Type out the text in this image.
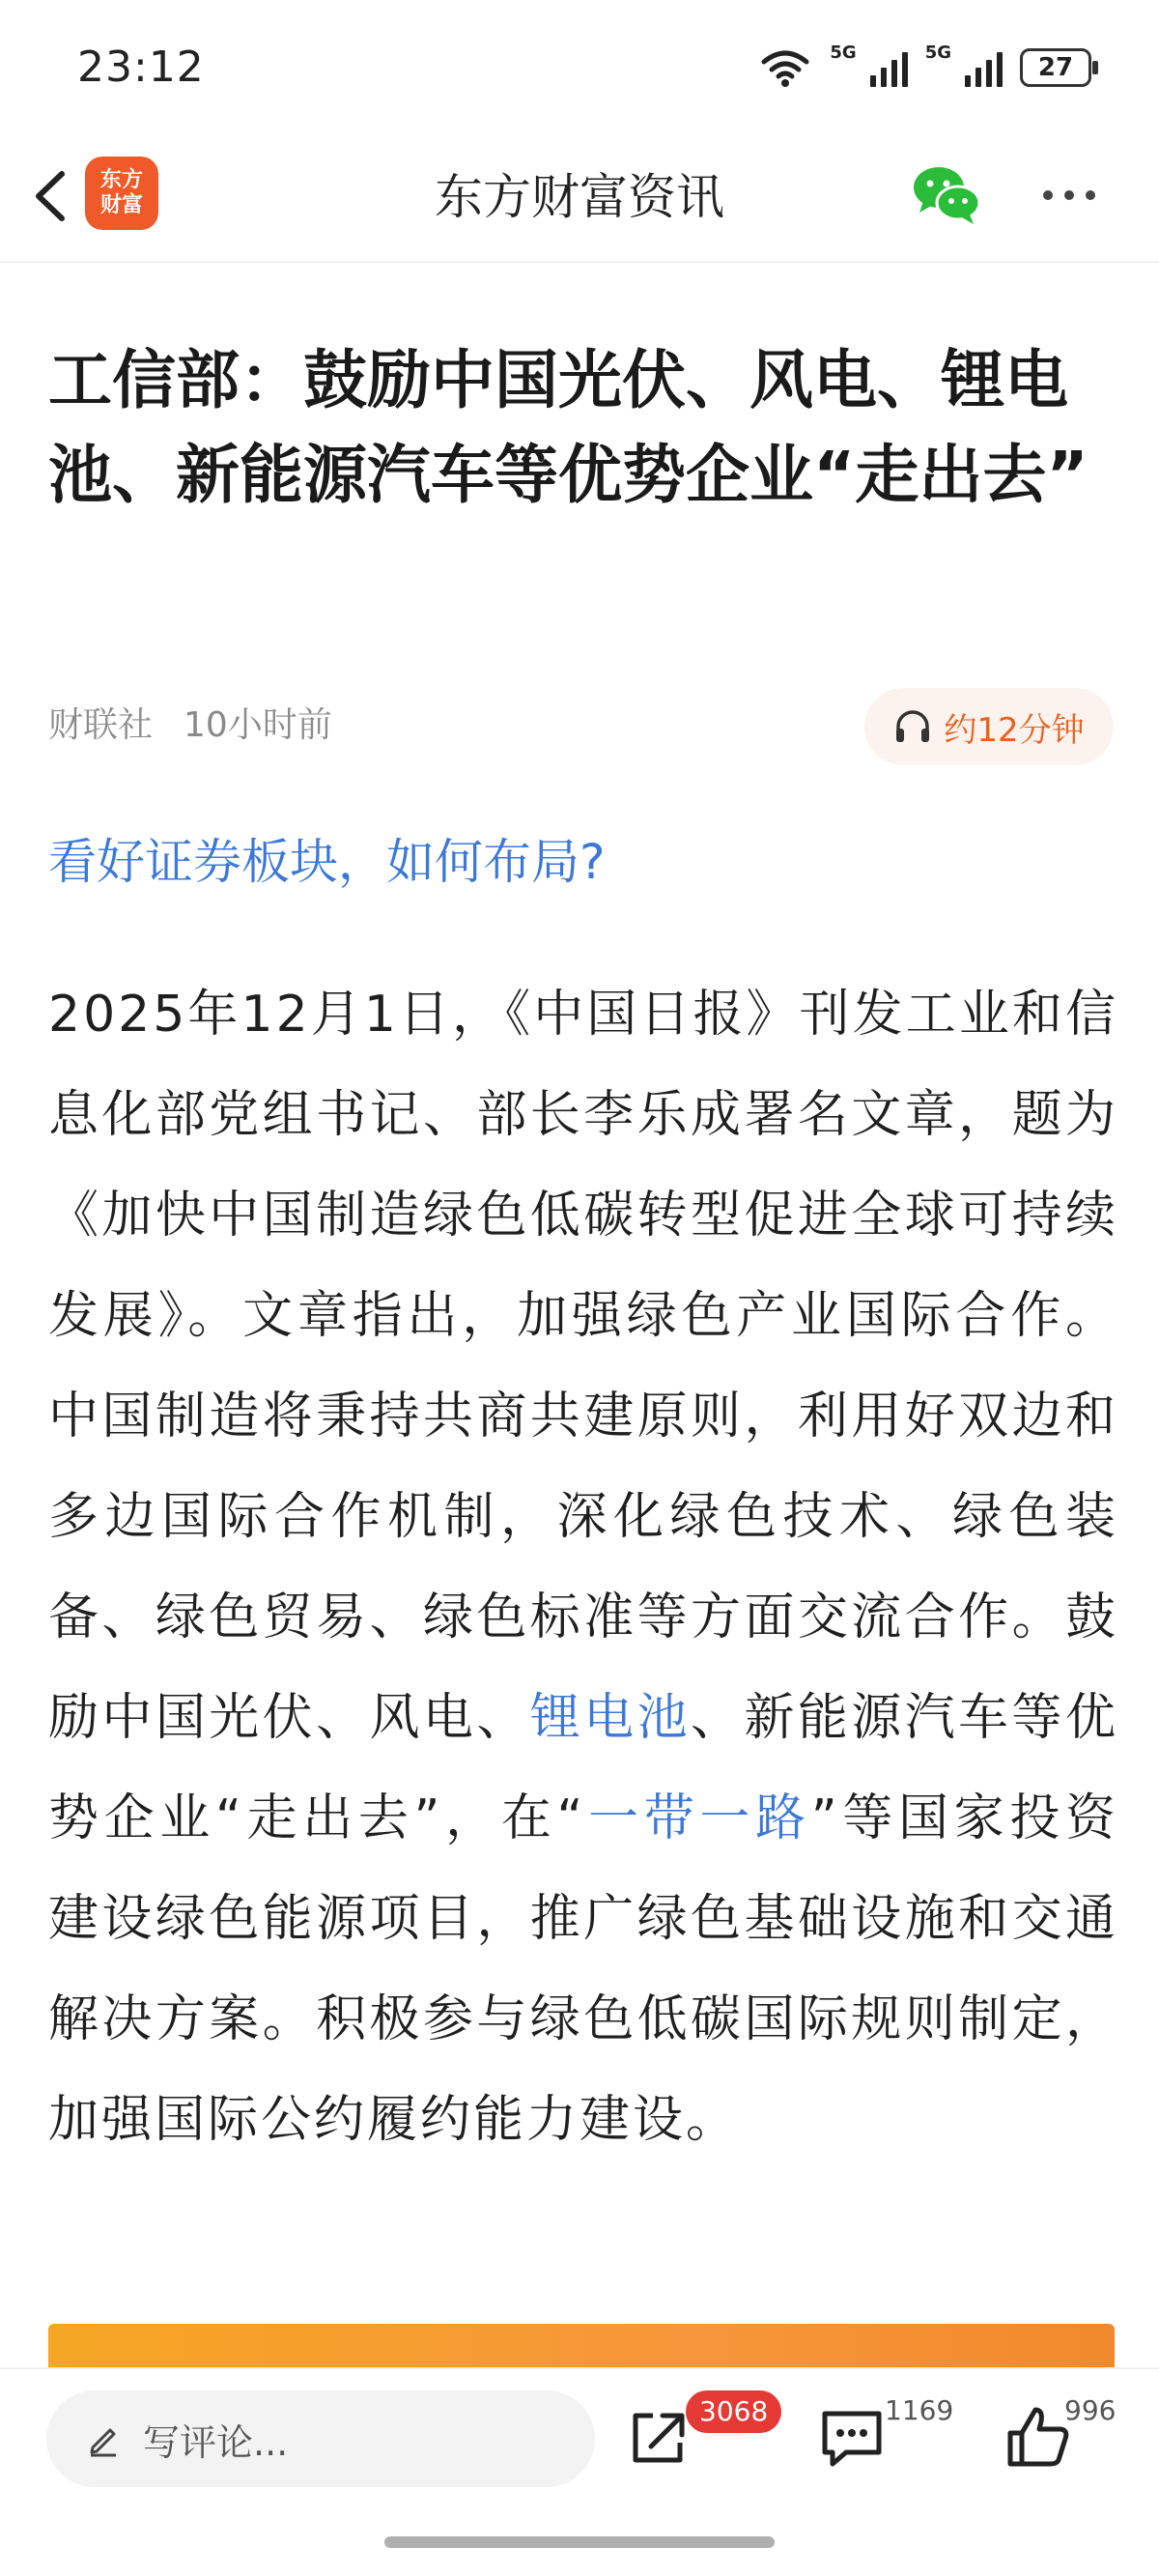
23:12	5G	5G
27
东方财富资讯
东方
财富
工信部：鼓励中国光伏、风电、锂电池、新能源汽车等优势企业“走出去”
财联社 10小时前	约12分钟
看好证券板块，如何布局?
2025年12月1日，《中国日报》刊发工业和信息化部党组书记、部长李乐成署名文章，题为《加快中国制造绿色低碳转型促进全球可持续发展》。文章指出，加强绿色产业国际合作。中国制造将秉持共商共建原则，利用好双边和多边国际合作机制，深化绿色技术、绿色装备、绿色贸易、绿色标准等方面交流合作。鼓励中国光伏、风电、锂电池、新能源汽车等优势企业“走出去”，在“一带一路”等国家投资建设绿色能源项目，推广绿色基础设施和交通解决方案。积极参与绿色低碳国际规则制定，加强国际公约履约能力建设。
写评论...
3068	1169	996
